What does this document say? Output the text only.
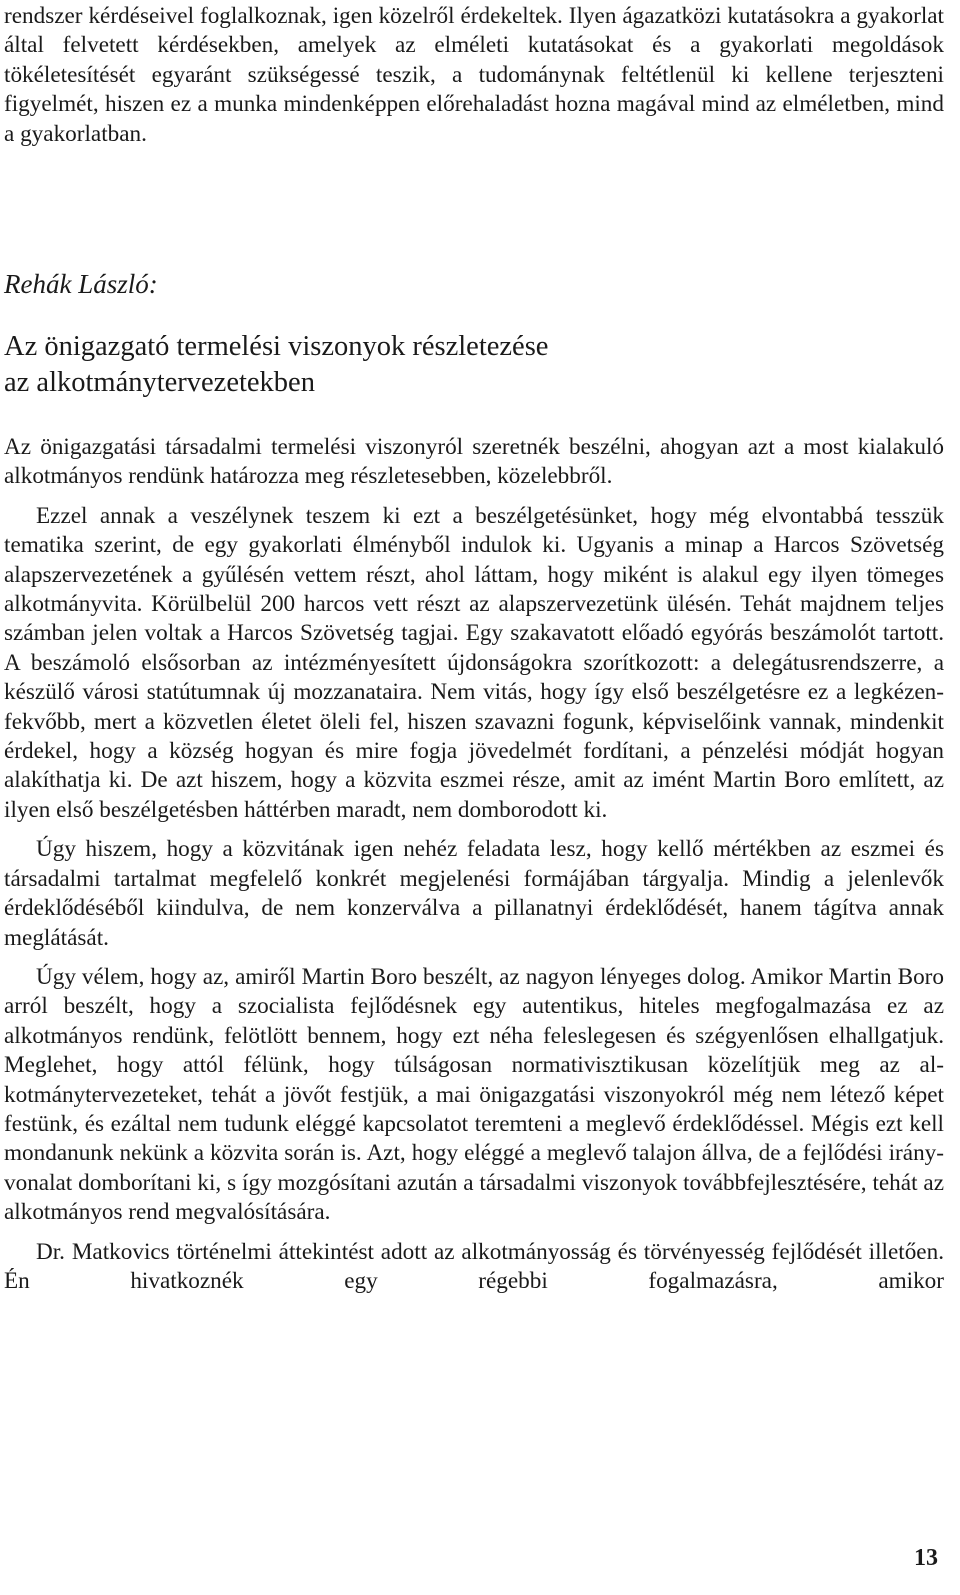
rendszer kérdéseivel foglalkoznak, igen közelről érdekeltek. Ilyen ágazatközi kutatásokra a gyakorlat által felvetett kérdésekben, amelyek az elméleti kutatásokat és a gyakorlati megoldások tökéletesítését egyaránt szükségessé teszik, a tudománynak feltétlenül ki kellene terjeszteni figyelmét, hiszen ez a munka mindenképpen előrehaladást hozna magával mind az elméletben, mind a gyakorlatban.

Rehák László:

Az önigazgató termelési viszonyok részletezése
az alkotmánytervezetekben

Az önigazgatási társadalmi termelési viszonyról szeretnék beszélni, ahogyan azt a most kialakuló alkotmányos rendünk határozza meg részletesebben, közelebbről.

Ezzel annak a veszélynek teszem ki ezt a beszélgetésünket, hogy még elvontabbá tesszük tematika szerint, de egy gyakorlati élményből indulok ki. Ugyanis a minap a Harcos Szövetség alapszervezetének a gyűlésén vettem részt, ahol láttam, hogy miként is alakul egy ilyen tömeges alkotmányvita. Körülbelül 200 harcos vett részt az alapszervezetünk ülésén. Tehát majdnem teljes számban jelen voltak a Harcos Szövetség tagjai. Egy szakavatott előadó egyórás beszámolót tartott. A beszámoló elsősorban az intézményesített újdonságokra szorítkozott: a delegátusrendszerre, a készülő városi statútumnak új mozzanataira. Nem vitás, hogy így első beszélgetésre ez a legkézenfekvőbb, mert a közvetlen életet öleli fel, hiszen szavazni fogunk, képviselőink vannak, mindenkit érdekel, hogy a község hogyan és mire fogja jövedelmét fordítani, a pénzelési módját hogyan alakíthatja ki. De azt hiszem, hogy a közvita eszmei része, amit az imént Martin Boro említett, az ilyen első beszélgetésben háttérben maradt, nem domborodott ki.

Úgy hiszem, hogy a közvitának igen nehéz feladata lesz, hogy kellő mértékben az eszmei és társadalmi tartalmat megfelelő konkrét megjelenési formájában tárgyalja. Mindig a jelenlevők érdeklődéséből kiindulva, de nem konzerválva a pillanatnyi érdeklődését, hanem tágítva annak meglátását.

Úgy vélem, hogy az, amiről Martin Boro beszélt, az nagyon lényeges dolog. Amikor Martin Boro arról beszélt, hogy a szocialista fejlődésnek egy autentikus, hiteles megfogalmazása ez az alkotmányos rendünk, felötlött bennem, hogy ezt néha feleslegesen és szégyenlősen elhallgatjuk. Meglehet, hogy attól félünk, hogy túlságosan normativisztikusan közelítjük meg az alkotmánytervezeteket, tehát a jövőt festjük, a mai önigazgatási viszonyokról még nem létező képet festünk, és ezáltal nem tudunk eléggé kapcsolatot teremteni a meglevő érdeklődéssel. Mégis ezt kell mondanunk nekünk a közvita során is. Azt, hogy eléggé a meglevő talajon állva, de a fejlődési irányvonalat domborítani ki, s így mozgósítani azután a társadalmi viszonyok továbbfejlesztésére, tehát az alkotmányos rend megvalósítására.

Dr. Matkovics történelmi áttekintést adott az alkotmányosság és törvényesség fejlődését illetően. Én hivatkoznék egy régebbi fogalmazásra, amikor

13
